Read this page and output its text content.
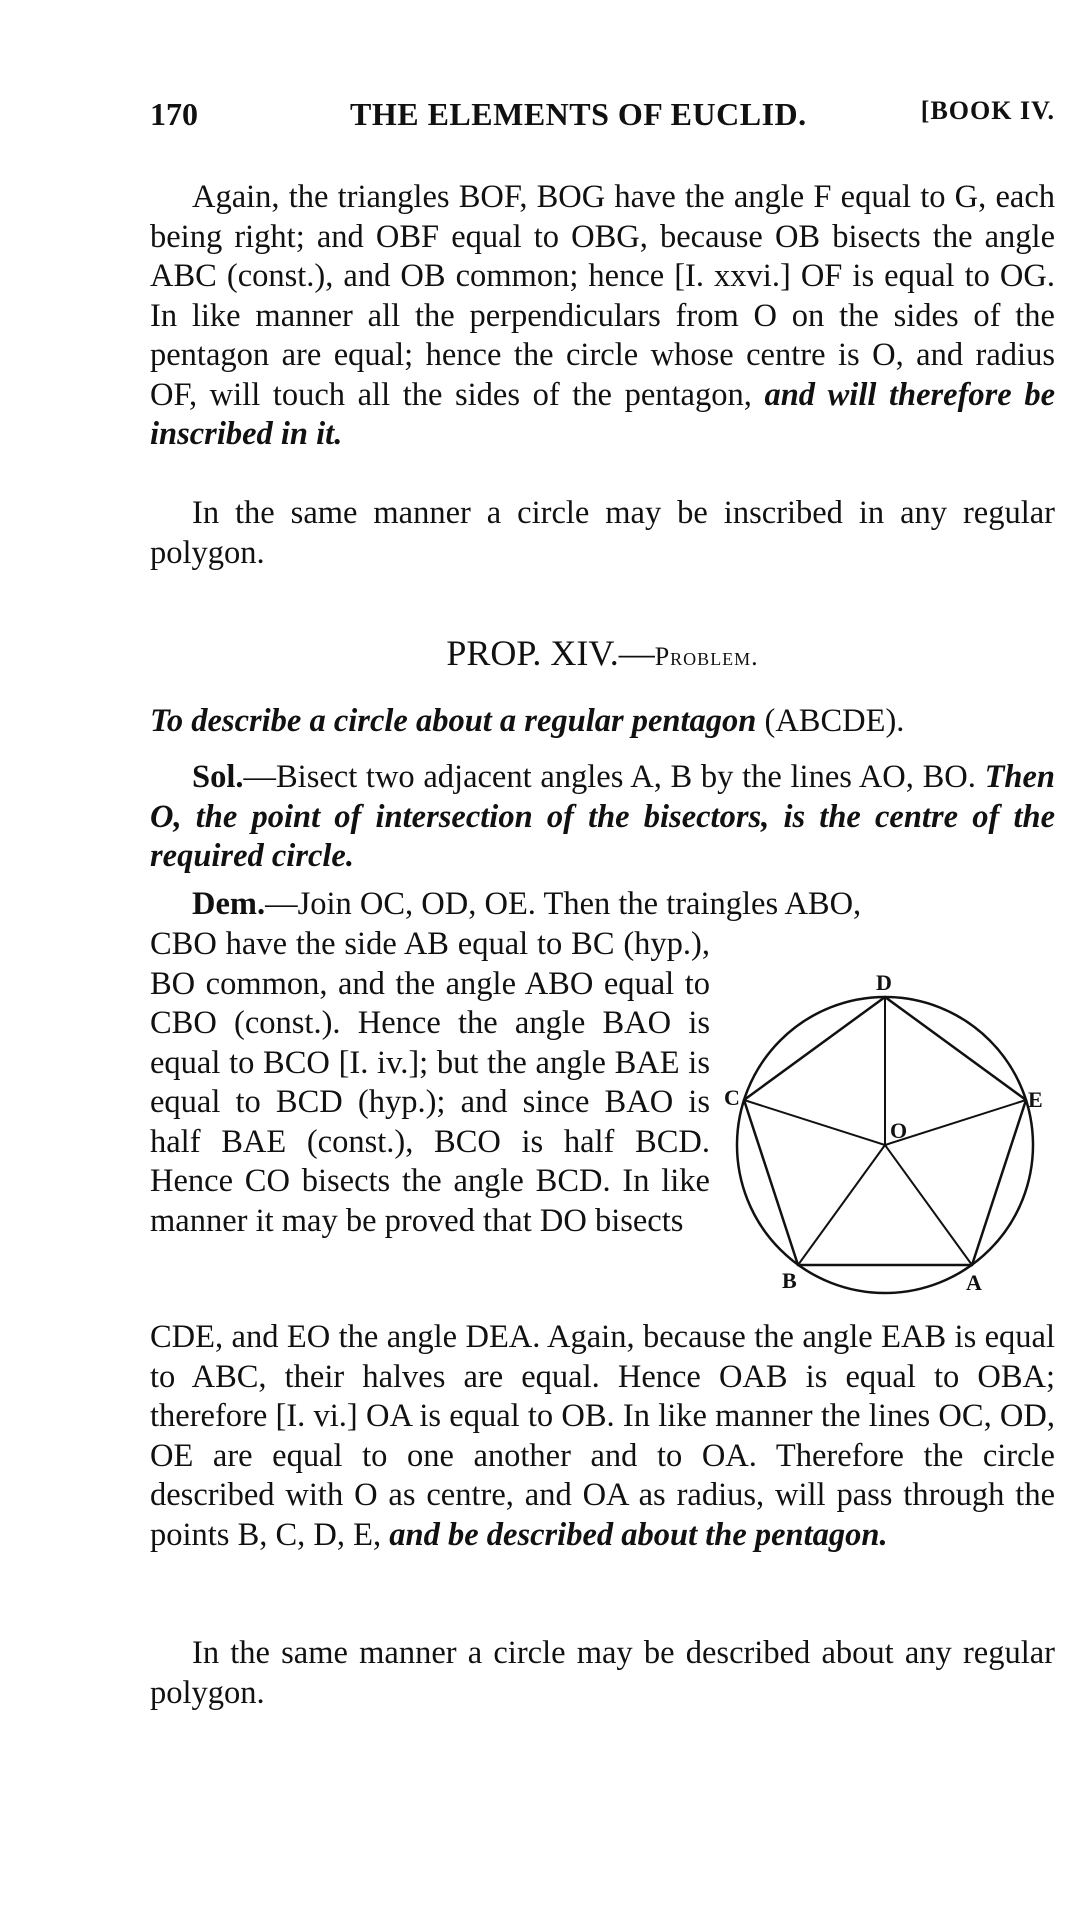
170	THE ELEMENTS OF EUCLID.	[BOOK IV.

Again, the triangles BOF, BOG have the angle F equal to G, each being right; and OBF equal to OBG, because OB bisects the angle ABC (const.), and OB common; hence [I. xxvi.] OF is equal to OG. In like manner all the perpendiculars from O on the sides of the pentagon are equal; hence the circle whose centre is O, and radius OF, will touch all the sides of the pentagon, and will therefore be inscribed in it.

In the same manner a circle may be inscribed in any regular polygon.

PROP. XIV.—Problem.
To describe a circle about a regular pentagon (ABCDE).

Sol.—Bisect two adjacent angles A, B by the lines AO, BO. Then O, the point of intersection of the bisectors, is the centre of the required circle.

Dem.—Join OC, OD, OE. Then the traingles ABO,

CBO have the side AB equal to BC (hyp.), BO common, and the angle ABO equal to CBO (const.). Hence the angle BAO is equal to BCO [I. iv.]; but the angle BAE is equal to BCD (hyp.); and since BAO is half BAE (const.), BCO is half BCD. Hence CO bisects the angle BCD. In like manner it may be proved that DO bisects

D
E
C
O
B	A

CDE, and EO the angle DEA. Again, because the angle EAB is equal to ABC, their halves are equal. Hence OAB is equal to OBA; therefore [I. vi.] OA is equal to OB. In like manner the lines OC, OD, OE are equal to one another and to OA. Therefore the circle described with O as centre, and OA as radius, will pass through the points B, C, D, E, and be described about the pentagon.

In the same manner a circle may be described about any regular polygon.
